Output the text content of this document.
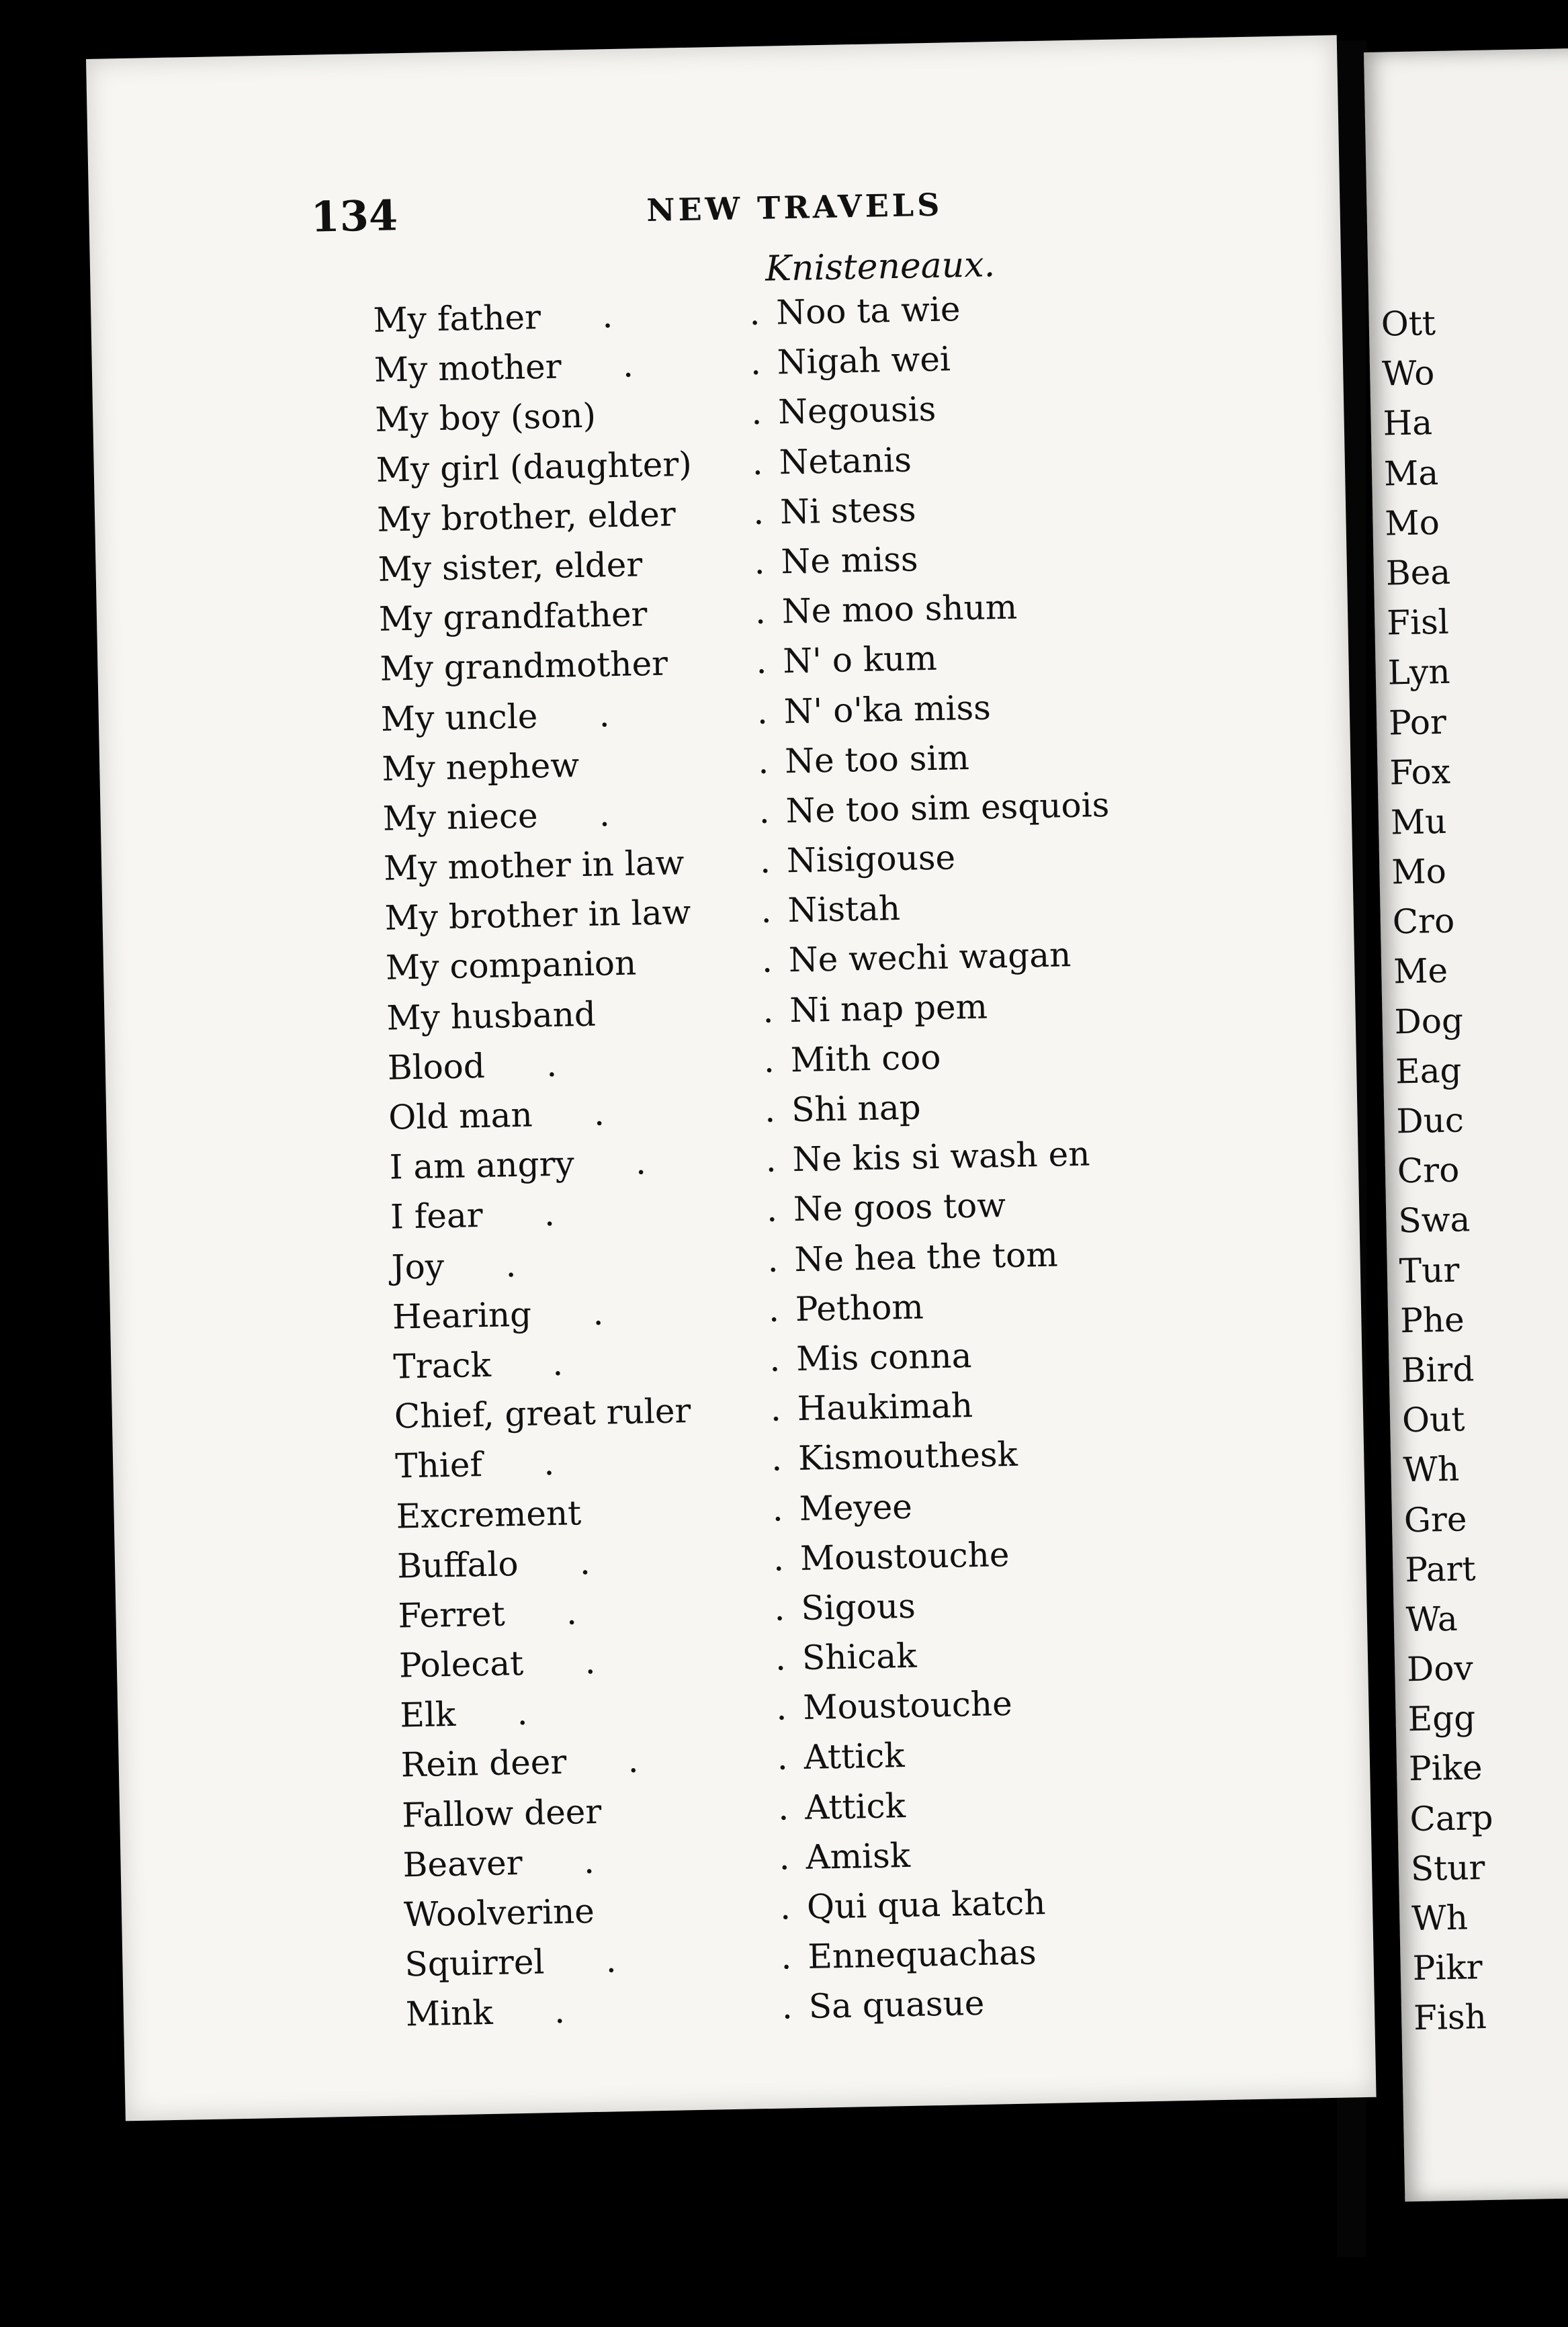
134	NEW TRAVELS
Knisteneaux.
My father	. Noo ta wie
.
My mother	. Nigah wei
.
My boy (son)	. Negousis
My girl (daughter) . Netanis
My brother, elder . Ni stess
My sister, elder	. Ne miss
My grandfather	. Ne moo shum
My grandmother	. N' o kum
My uncle	. N' o'ka miss
.
My nephew	. Ne too sim
My niece	. Ne too sim esquois
.
My mother in law . Nisigouse
My brother in law . Nistah
My companion	. Ne wechi wagan
My husband	. Ni nap pem
Blood	. Mith coo
.
Old man	. Shi nap
.
I am angry	. Ne kis si wash en
.
I fear	. Ne goos tow
.
Joy	. Ne hea the tom
.
Hearing	. Pethom
.
Track	. Mis conna
.
Chief, great ruler . Haukimah
Thief	. Kismouthesk
.
Excrement	. Meyee
Buffalo	. Moustouche
.
Ferret	. Sigous
.
Polecat	. Shicak
.
Elk	. Moustouche
.
Rein deer	. Attick
.
Fallow deer	. Attick
Beaver	. Amisk
.
Woolverine	. Qui qua katch
Squirrel	. Ennequachas
.
Mink	. Sa quasue
.
Ott
Wo
Ha
Ma
Mo
Bea
Fisl
Lyn
Por
Fox
Mu
Mo
Cro
Me
Dog
Eag
Duc
Cro
Swa
Tur
Phe
Bird
Out
Wh
Gre
Part
Wa
Dov
Egg
Pike
Carp
Stur
Wh
Pikr
Fish
